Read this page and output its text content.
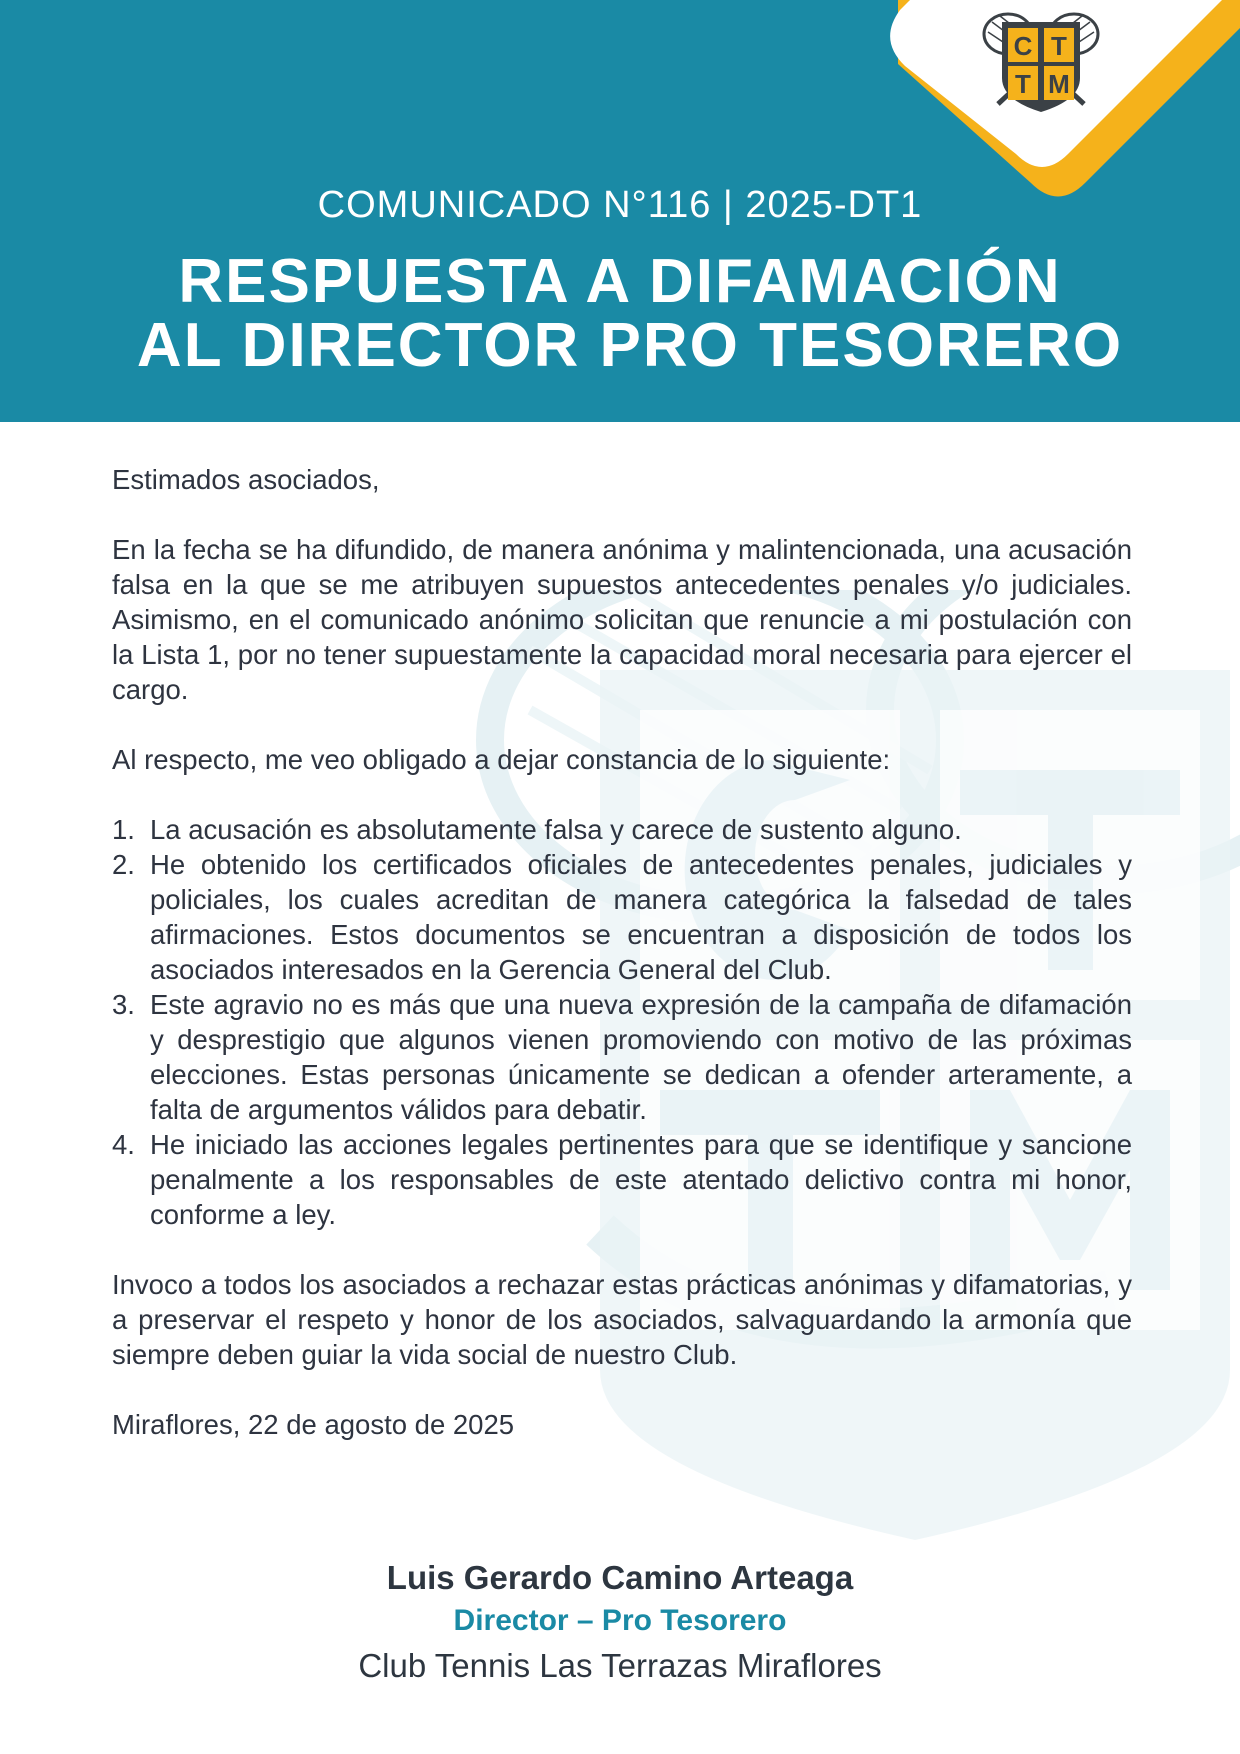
C T
T M
COMUNICADO N°116 | 2025-DT1
RESPUESTA A DIFAMACIÓN
AL DIRECTOR PRO TESORERO

Estimados asociados,

En la fecha se ha difundido, de manera anónima y malintencionada, una acusación falsa en la que se me atribuyen supuestos antecedentes penales y/o judiciales. Asimismo, en el comunicado anónimo solicitan que renuncie a mi postulación con la Lista 1, por no tener supuestamente la capacidad moral necesaria para ejercer el cargo.

Al respecto, me veo obligado a dejar constancia de lo siguiente:

1. La acusación es absolutamente falsa y carece de sustento alguno.
2. He obtenido los certificados oficiales de antecedentes penales, judiciales y policiales, los cuales acreditan de manera categórica la falsedad de tales afirmaciones. Estos documentos se encuentran a disposición de todos los asociados interesados en la Gerencia General del Club.
3. Este agravio no es más que una nueva expresión de la campaña de difamación y desprestigio que algunos vienen promoviendo con motivo de las próximas elecciones. Estas personas únicamente se dedican a ofender arteramente, a falta de argumentos válidos para debatir.
4. He iniciado las acciones legales pertinentes para que se identifique y sancione penalmente a los responsables de este atentado delictivo contra mi honor, conforme a ley.

Invoco a todos los asociados a rechazar estas prácticas anónimas y difamatorias, y a preserva﻿r el respeto y honor de los asociados, salvaguardando la armonía que siempre deben guiar la vida social de nuestro Club.

Miraflores, 22 de agosto de 2025

Luis Gerardo Camino Arteaga
Director – Pro Tesorero
Club Tennis Las Terrazas Miraflores
